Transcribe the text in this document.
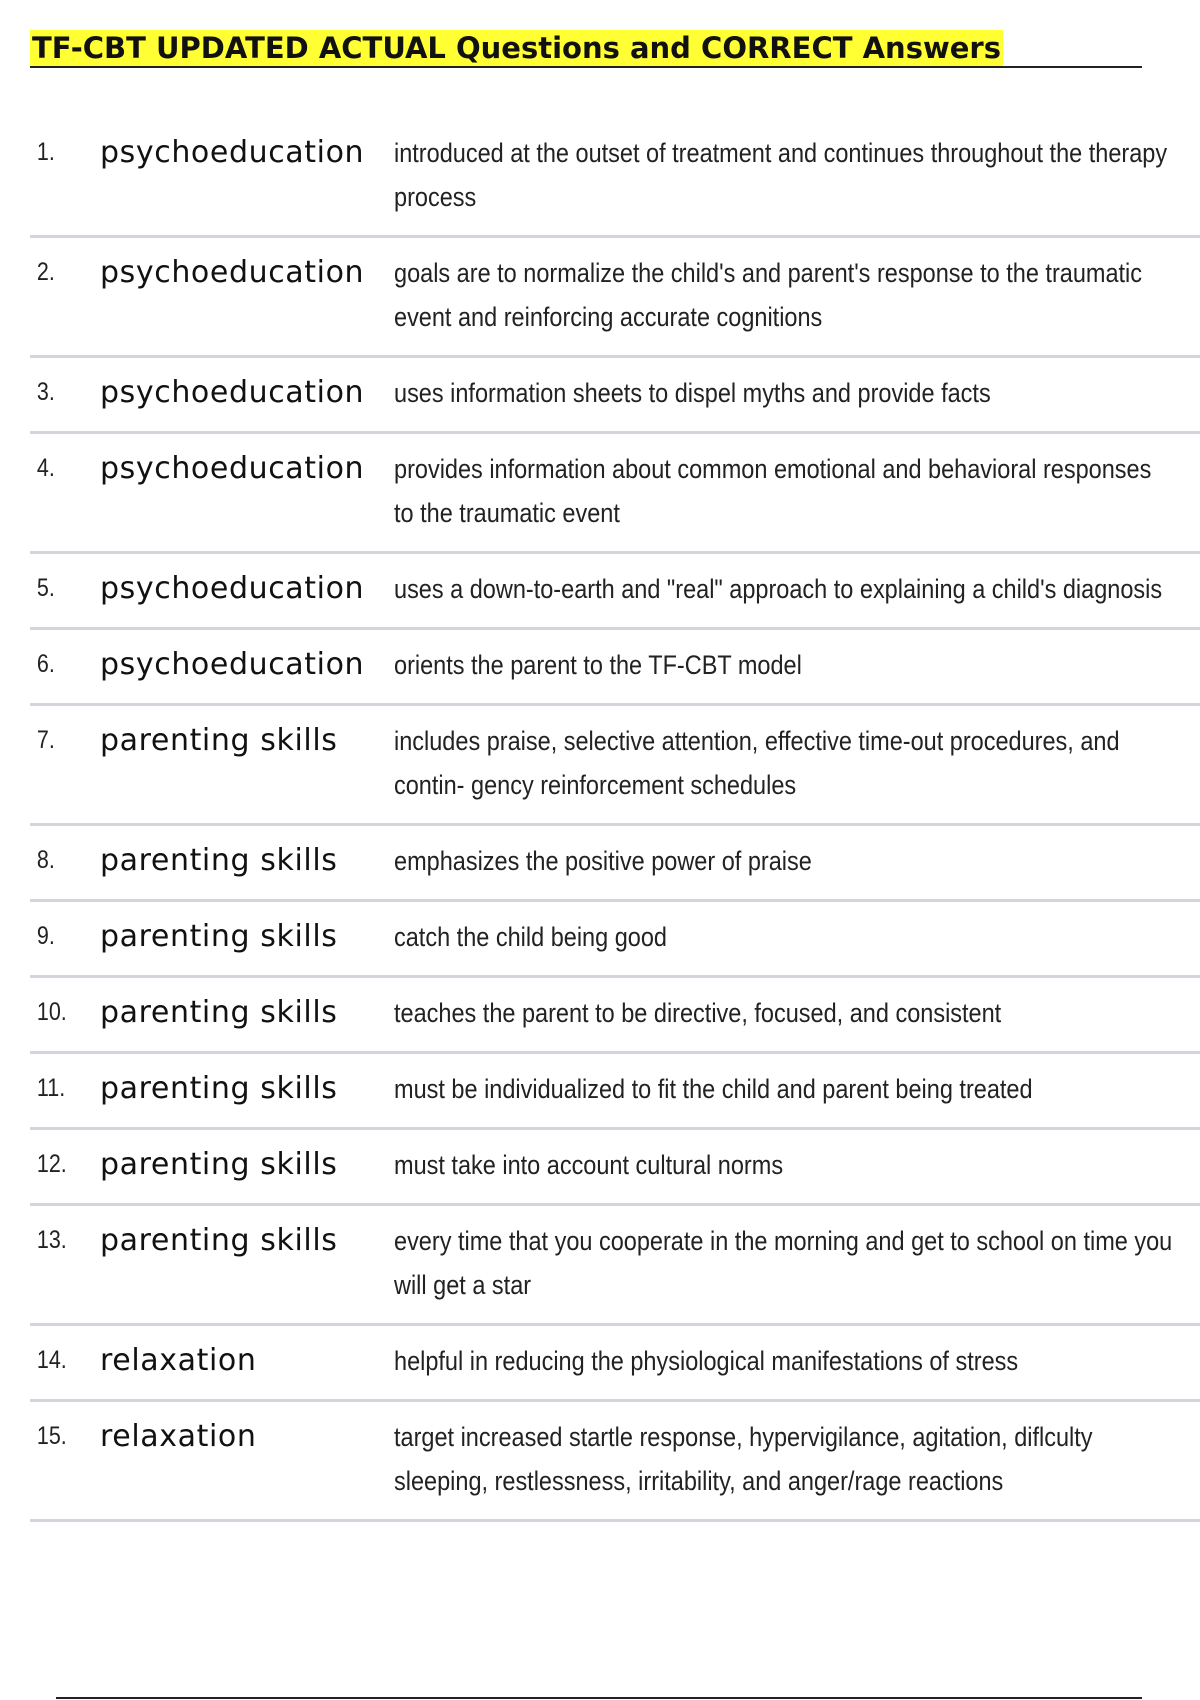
TF-CBT UPDATED ACTUAL Questions and CORRECT Answers
1.	psychoeducation	introduced at the outset of treatment and continues throughout the therapy process
2.	psychoeducation	goals are to normalize the child's and parent's response to the traumatic event and reinforcing accurate cognitions
3.	psychoeducation	uses information sheets to dispel myths and provide facts
4.	psychoeducation	provides information about common emotional and behavioral responses to the traumatic event
5.	psychoeducation	uses a down-to-earth and "real" approach to explaining a child's diagnosis
6.	psychoeducation	orients the parent to the TF-CBT model
7.	parenting skills	includes praise, selective attention, effective time-out procedures, and contin- gency reinforcement schedules
8.	parenting skills	emphasizes the positive power of praise
9.	parenting skills	catch the child being good
10.	parenting skills	teaches the parent to be directive, focused, and consistent
11.	parenting skills	must be individualized to fit the child and parent being treated
12.	parenting skills	must take into account cultural norms
13.	parenting skills	every time that you cooperate in the morning and get to school on time you will get a star
14.	relaxation	helpful in reducing the physiological manifestations of stress
15.	relaxation	target increased startle response, hypervigilance, agitation, diflculty sleeping, restlessness, irritability, and anger/rage reactions
